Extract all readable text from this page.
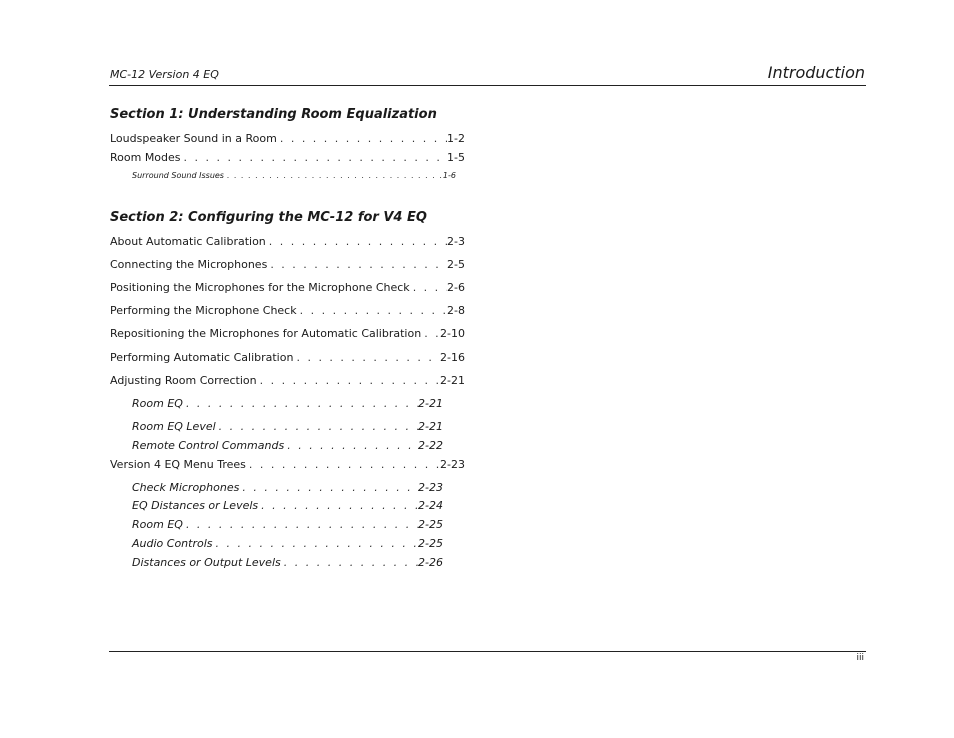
MC-12 Version 4 EQ	Introduction
Section 1: Understanding Room Equalization
Loudspeaker Sound in a Room . . .	1-2
Room Modes . . .	1-5
Surround Sound Issues . . .	1-6
Section 2: Configuring the MC-12 for V4 EQ
About Automatic Calibration . . .	2-3
Connecting the Microphones . . .	2-5
Positioning the Microphones for the Microphone Check . . .	2-6
Performing the Microphone Check . . .	2-8
Repositioning the Microphones for Automatic Calibration . . . 2-10
Performing Automatic Calibration . . .	2-16
Adjusting Room Correction . . .	2-21
Room EQ . . .	2-21
Room EQ Level . . .	2-21
Remote Control Commands . . .	2-22
Version 4 EQ Menu Trees . . .	2-23
Check Microphones . . .	2-23
EQ Distances or Levels . . .	2-24
Room EQ . . .	2-25
Audio Controls . . .	2-25
Distances or Output Levels . . .	2-26
iii
